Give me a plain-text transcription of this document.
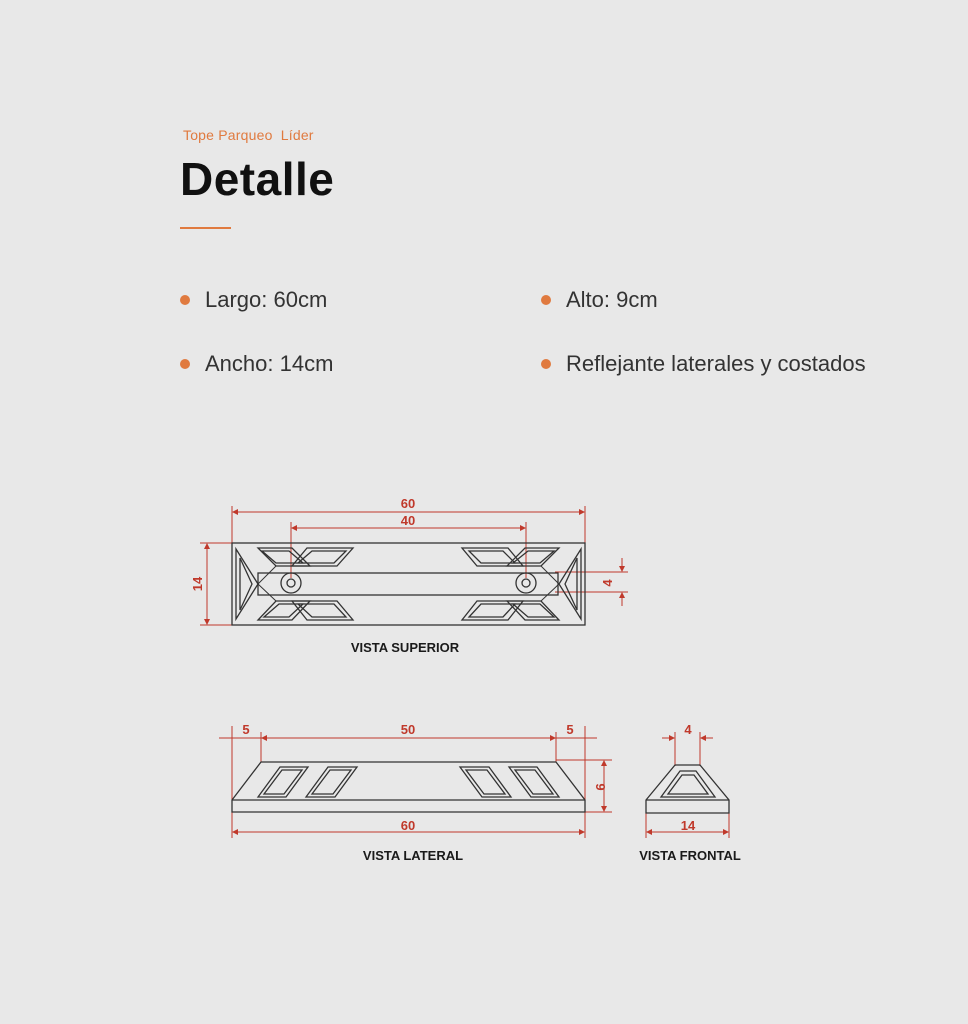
Tope Parqueo  Líder
Detalle
Largo: 60cm	Alto: 9cm
Ancho: 14cm	Reflejante laterales y costados
60
40
14	4
VISTA SUPERIOR
5	50	5
9
60
VISTA LATERAL
4
14
VISTA FRONTAL
